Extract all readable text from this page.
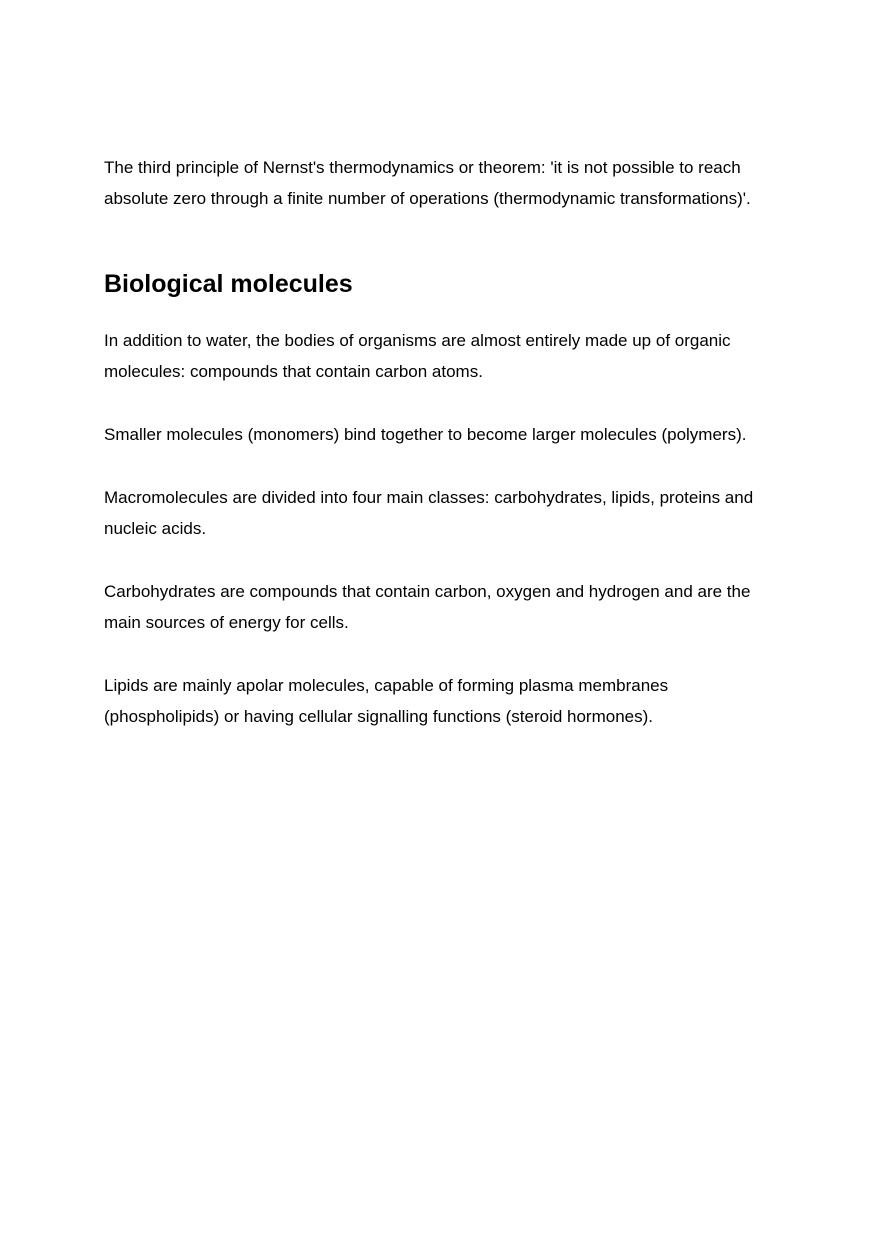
The third principle of Nernst's thermodynamics or theorem: 'it is not possible to reach absolute zero through a finite number of operations (thermodynamic transformations)'.

Biological molecules

In addition to water, the bodies of organisms are almost entirely made up of organic molecules: compounds that contain carbon atoms.

Smaller molecules (monomers) bind together to become larger molecules (polymers).

Macromolecules are divided into four main classes: carbohydrates, lipids, proteins and nucleic acids.

Carbohydrates are compounds that contain carbon, oxygen and hydrogen and are the main sources of energy for cells.

Lipids are mainly apolar molecules, capable of forming plasma membranes (phospholipids) or having cellular signalling functions (steroid hormones).
